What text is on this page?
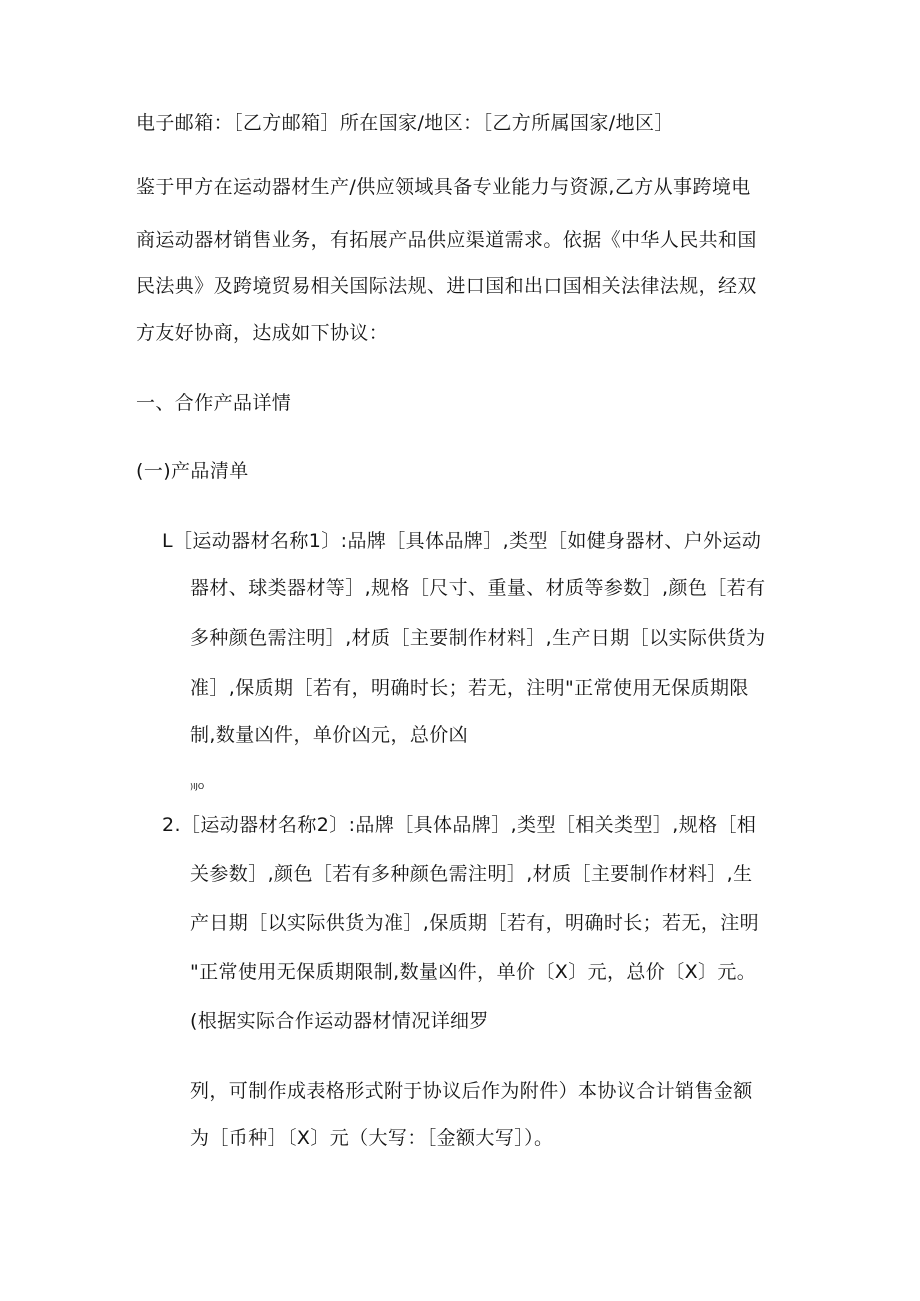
电子邮箱：［乙方邮箱］所在国家/地区：［乙方所属国家/地区］
鉴于甲方在运动器材生产/供应领域具备专业能力与资源,乙方从事跨境电
商运动器材销售业务，有拓展产品供应渠道需求。依据《中华人民共和国
民法典》及跨境贸易相关国际法规、进口国和出口国相关法律法规，经双
方友好协商，达成如下协议：
一、合作产品详情
(一)产品清单
L［运动器材名称1〕:品牌［具体品牌］,类型［如健身器材、户外运动
器材、球类器材等］,规格［尺寸、重量、材质等参数］,颜色［若有
多种颜色需注明］,材质［主要制作材料］,生产日期［以实际供货为
准］,保质期［若有，明确时长；若无，注明"正常使用无保质期限
制,数量凶件，单价凶元，总价凶
)IJO
2.［运动器材名称2〕:品牌［具体品牌］,类型［相关类型］,规格［相
关参数］,颜色［若有多种颜色需注明］,材质［主要制作材料］,生
产日期［以实际供货为准］,保质期［若有，明确时长；若无，注明
"正常使用无保质期限制,数量凶件，单价〔X〕元，总价〔X〕元。
(根据实际合作运动器材情况详细罗
列，可制作成表格形式附于协议后作为附件）本协议合计销售金额
为［币种］〔X〕元（大写：［金额大写］）。
